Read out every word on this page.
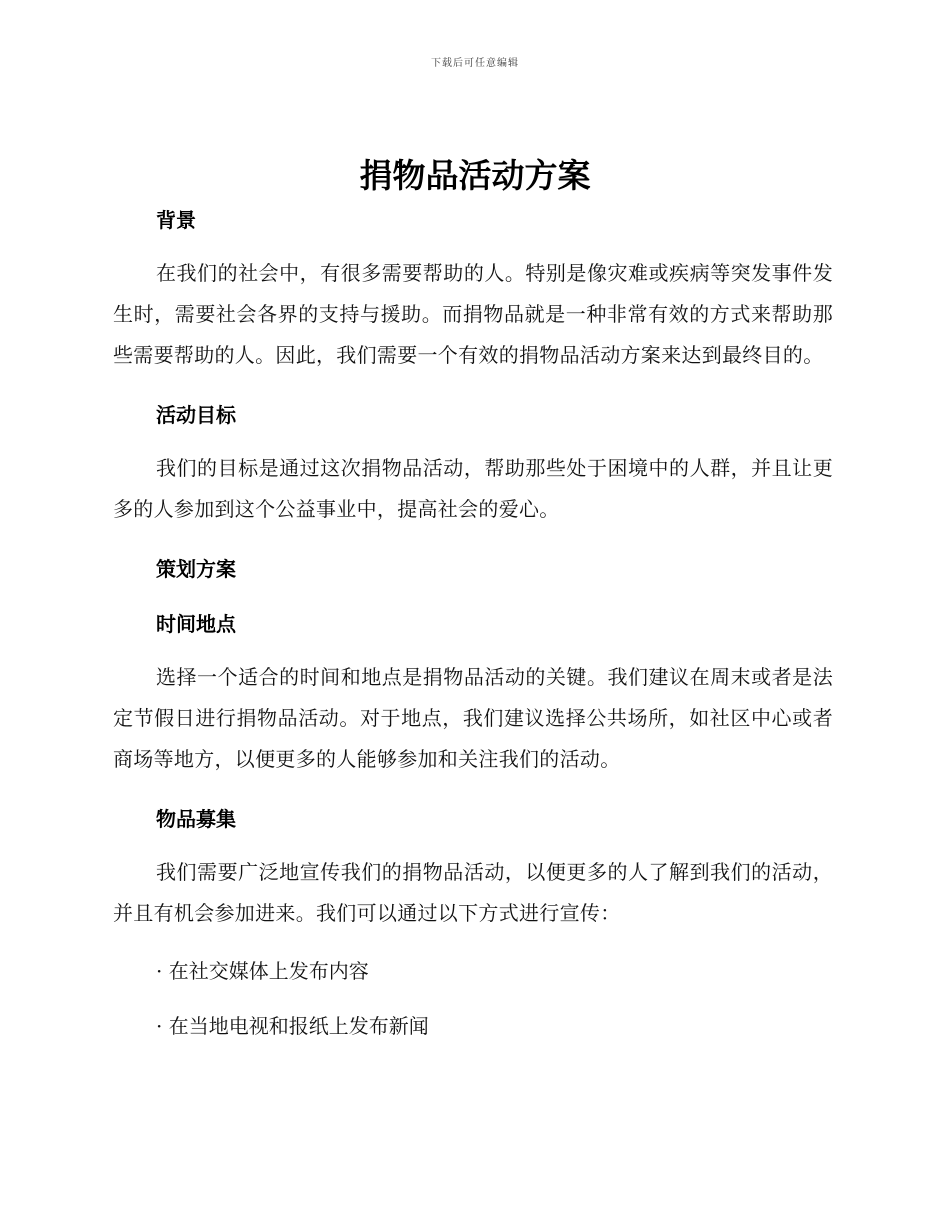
下载后可任意编辑
捐物品活动方案
背景

在我们的社会中，有很多需要帮助的人。特别是像灾难或疾病等突发事件发生时，需要社会各界的支持与援助。而捐物品就是一种非常有效的方式来帮助那些需要帮助的人。因此，我们需要一个有效的捐物品活动方案来达到最终目的。

活动目标

我们的目标是通过这次捐物品活动，帮助那些处于困境中的人群，并且让更多的人参加到这个公益事业中，提高社会的爱心。

策划方案
时间地点

选择一个适合的时间和地点是捐物品活动的关键。我们建议在周末或者是法定节假日进行捐物品活动。对于地点，我们建议选择公共场所，如社区中心或者商场等地方，以便更多的人能够参加和关注我们的活动。

物品募集

我们需要广泛地宣传我们的捐物品活动，以便更多的人了解到我们的活动，并且有机会参加进来。我们可以通过以下方式进行宣传：

· 在社交媒体上发布内容
· 在当地电视和报纸上发布新闻
